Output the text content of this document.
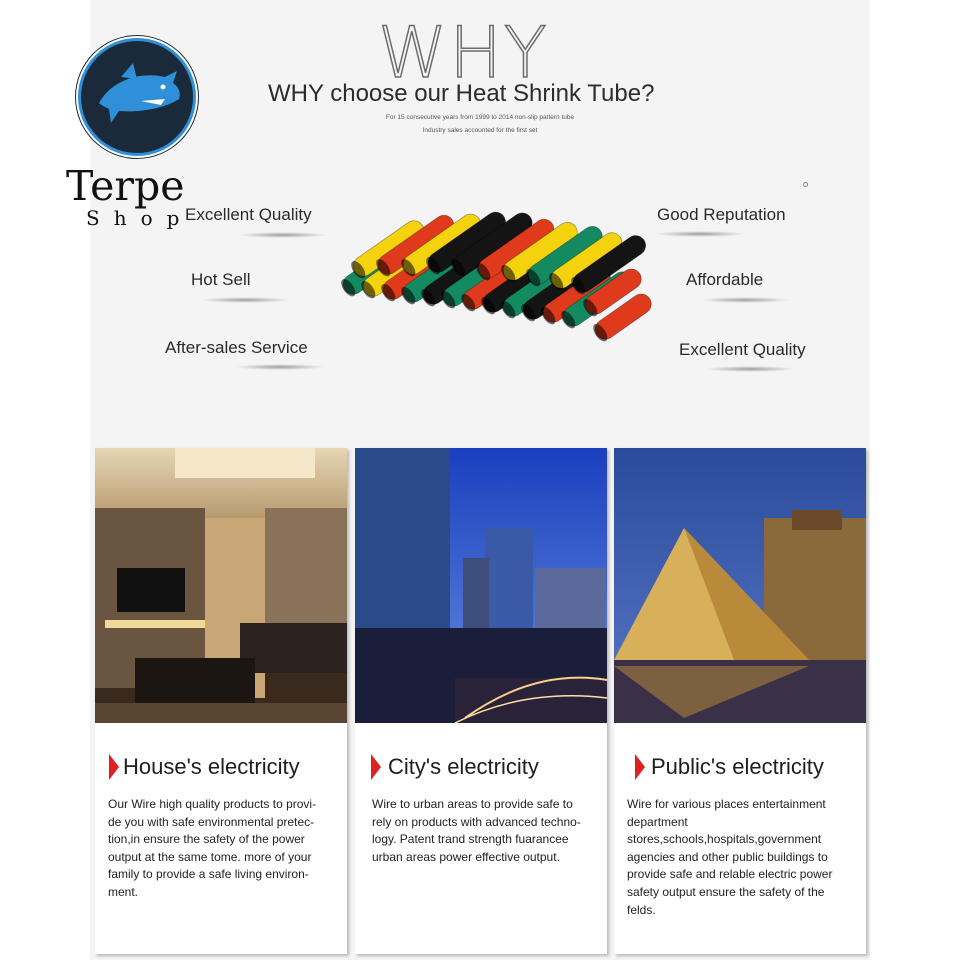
WHY
WHY choose our Heat Shrink Tube?
For 15 consecutive years from 1999 to 2014 non-slip pattern tube
Industry sales accounted for the first set
Terpe
Shop
Excellent Quality
Hot Sell
After-sales Service
Good Reputation
Affordable
Excellent Quality
House's electricity
Our Wire high quality products to provi-
de you with safe environmental pretec-
tion,in ensure the safety of the power
output at the same tome. more of your
family to provide a safe living environ-
ment.
City's electricity
Wire to urban areas to provide safe to
rely on products with advanced techno-
logy. Patent trand strength fuarancee
urban areas power effective output.
Public's electricity
Wire for various places entertainment
department
stores,schools,hospitals,government
agencies and other public buildings to
provide safe and relable electric power
safety output ensure the safety of the
felds.
